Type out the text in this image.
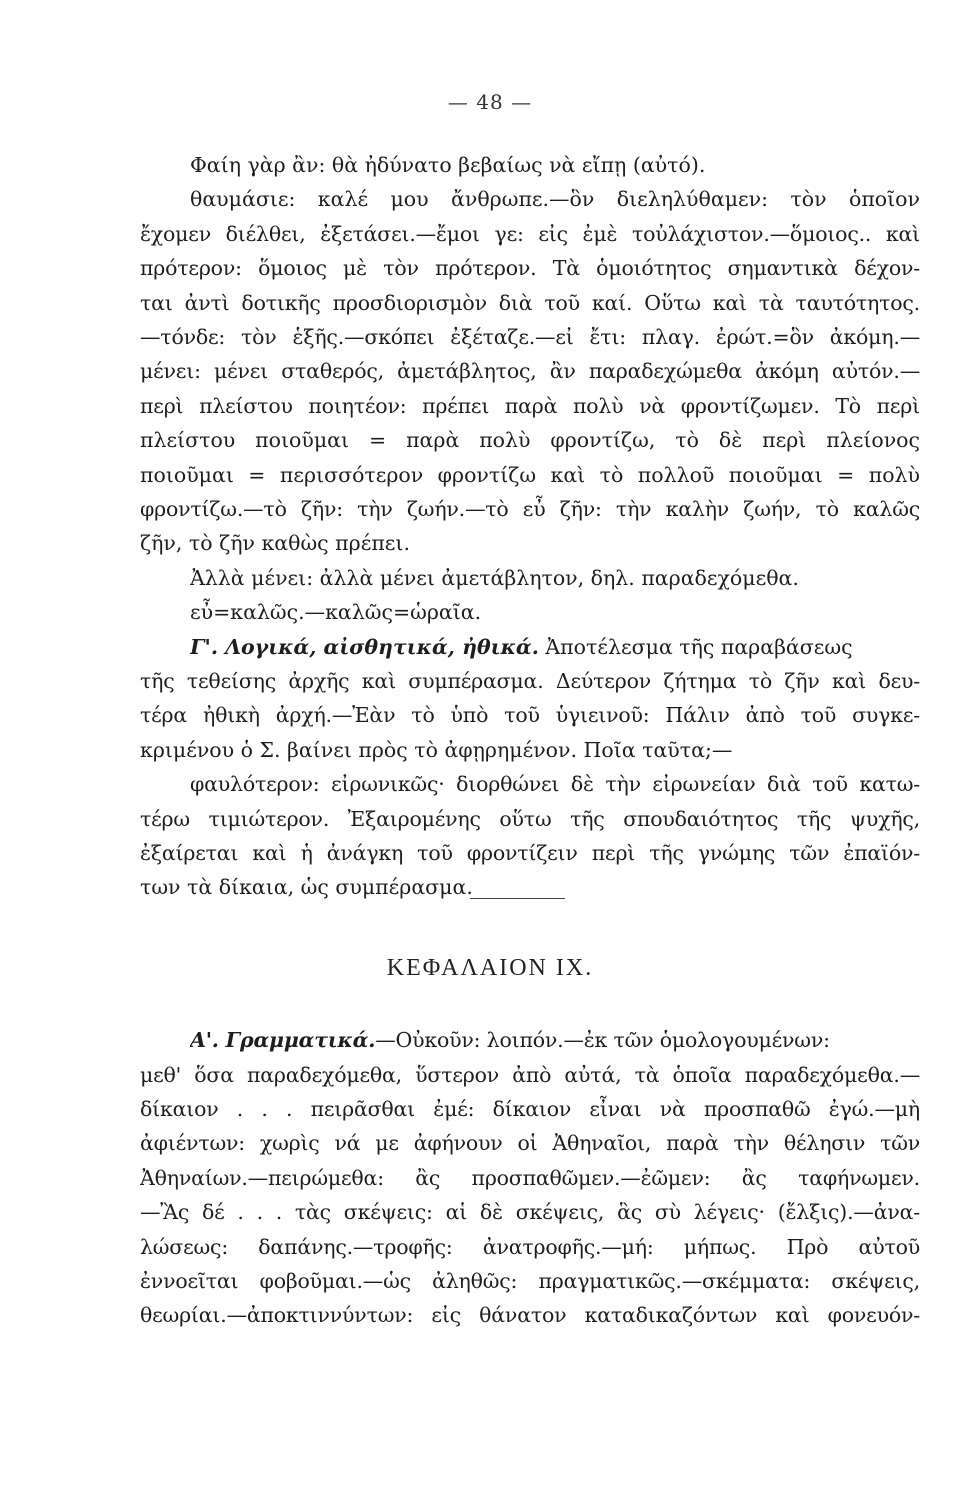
— 48 —
Φαίη γὰρ ἂν: θὰ ἠδύνατο βεβαίως νὰ εἴπῃ (αὐτό).
θαυμάσιε: καλέ μου ἄνθρωπε.—ὃν διεληλύθαμεν: τὸν ὁποῖον
ἔχομεν διέλθει, ἐξετάσει.—ἔμοι γε: εἰς ἐμὲ τοὐλάχιστον.—ὅμοιος.. καὶ
πρότερον: ὅμοιος μὲ τὸν πρότερον. Τὰ ὁμοιότητος σημαντικὰ δέχον-
ται ἀντὶ δοτικῆς προσδιορισμὸν διὰ τοῦ καί. Οὕτω καὶ τὰ ταυτότητος.
—τόνδε: τὸν ἑξῆς.—σκόπει ἐξέταζε.—εἰ ἔτι: πλαγ. ἐρώτ.=ὃν ἀκόμη.—
μένει: μένει σταθερός, ἀμετάβλητος, ἂν παραδεχώμεθα ἀκόμη αὐτόν.—
περὶ πλείστου ποιητέον: πρέπει παρὰ πολὺ νὰ φροντίζωμεν. Τὸ περὶ
πλείστου ποιοῦμαι = παρὰ πολὺ φροντίζω, τὸ δὲ περὶ πλείονος
ποιοῦμαι = περισσότερον φροντίζω καὶ τὸ πολλοῦ ποιοῦμαι = πολὺ
φροντίζω.—τὸ ζῆν: τὴν ζωήν.—τὸ εὖ ζῆν: τὴν καλὴν ζωήν, τὸ καλῶς
ζῆν, τὸ ζῆν καθὼς πρέπει.
Ἀλλὰ μένει: ἀλλὰ μένει ἀμετάβλητον, δηλ. παραδεχόμεθα.
εὖ=καλῶς.—καλῶς=ὡραῖα.
Γ'. Λογικά, αἰσθητικά, ἠθικά. Ἀποτέλεσμα τῆς παραβάσεως
τῆς τεθείσης ἀρχῆς καὶ συμπέρασμα. Δεύτερον ζήτημα τὸ ζῆν καὶ δευ-
τέρα ἠθικὴ ἀρχή.—Ἐὰν τὸ ὑπὸ τοῦ ὑγιεινοῦ: Πάλιν ἀπὸ τοῦ συγκε-
κριμένου ὁ Σ. βαίνει πρὸς τὸ ἀφῃρημένον. Ποῖα ταῦτα;—
φαυλότερον: εἰρωνικῶς· διορθώνει δὲ τὴν εἰρωνείαν διὰ τοῦ κατω-
τέρω τιμιώτερον. Ἐξαιρομένης οὕτω τῆς σπουδαιότητος τῆς ψυχῆς,
ἐξαίρεται καὶ ἡ ἀνάγκη τοῦ φροντίζειν περὶ τῆς γνώμης τῶν ἐπαϊόν-
των τὰ δίκαια, ὡς συμπέρασμα.
ΚΕΦΑΛΑΙΟΝ ΙΧ.
Α'. Γραμματικά.—Οὐκοῦν: λοιπόν.—ἐκ τῶν ὁμολογουμένων:
μεθ' ὅσα παραδεχόμεθα, ὕστερον ἀπὸ αὐτά, τὰ ὁποῖα παραδεχόμεθα.—
δίκαιον . . . πειρᾶσθαι ἐμέ: δίκαιον εἶναι νὰ προσπαθῶ ἐγώ.—μὴ
ἀφιέντων: χωρὶς νά με ἀφήνουν οἱ Ἀθηναῖοι, παρὰ τὴν θέλησιν τῶν
Ἀθηναίων.—πειρώμεθα: ἂς προσπαθῶμεν.—ἐῶμεν: ἂς ταφήνωμεν.
—Ἂς δέ . . . τὰς σκέψεις: αἱ δὲ σκέψεις, ἃς σὺ λέγεις· (ἔλξις).—ἀνα-
λώσεως: δαπάνης.—τροφῆς: ἀνατροφῆς.—μή: μήπως. Πρὸ αὐτοῦ
ἐννοεῖται φοβοῦμαι.—ὡς ἀληθῶς: πραγματικῶς.—σκέμματα: σκέψεις,
θεωρίαι.—ἀποκτιννύντων: εἰς θάνατον καταδικαζόντων καὶ φονευόν-
